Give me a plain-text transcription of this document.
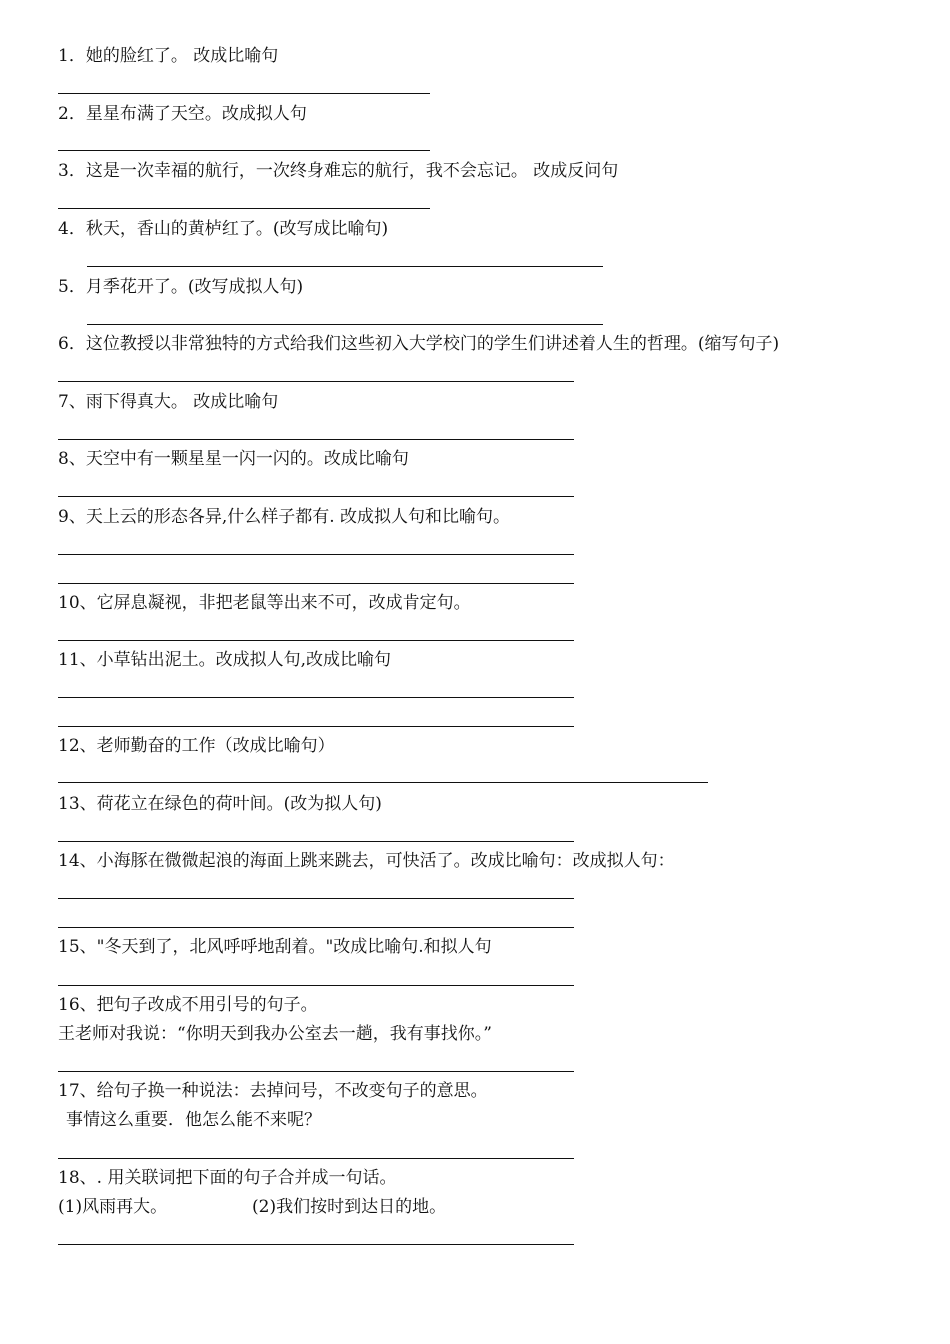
1．她的脸红了。 改成比喻句
2．星星布满了天空。改成拟人句
3．这是一次幸福的航行，一次终身难忘的航行，我不会忘记。 改成反问句
4．秋天，香山的黄栌红了。(改写成比喻句)
5．月季花开了。(改写成拟人句)
6．这位教授以非常独特的方式给我们这些初入大学校门的学生们讲述着人生的哲理。(缩写句子)
7、雨下得真大。 改成比喻句
8、天空中有一颗星星一闪一闪的。改成比喻句
9、天上云的形态各异,什么样子都有. 改成拟人句和比喻句。
10、它屏息凝视，非把老鼠等出来不可，改成肯定句。
11、小草钻出泥土。改成拟人句,改成比喻句
12、老师勤奋的工作（改成比喻句）
13、荷花立在绿色的荷叶间。(改为拟人句)
14、小海豚在微微起浪的海面上跳来跳去，可快活了。改成比喻句：改成拟人句：
15、"冬天到了，北风呼呼地刮着。"改成比喻句.和拟人句
16、把句子改成不用引号的句子。
王老师对我说：“你明天到我办公室去一趟，我有事找你。”
17、给句子换一种说法：去掉问号，不改变句子的意思。
事情这么重要．他怎么能不来呢？
18、. 用关联词把下面的句子合并成一句话。
(1)风雨再大。	(2)我们按时到达日的地。
